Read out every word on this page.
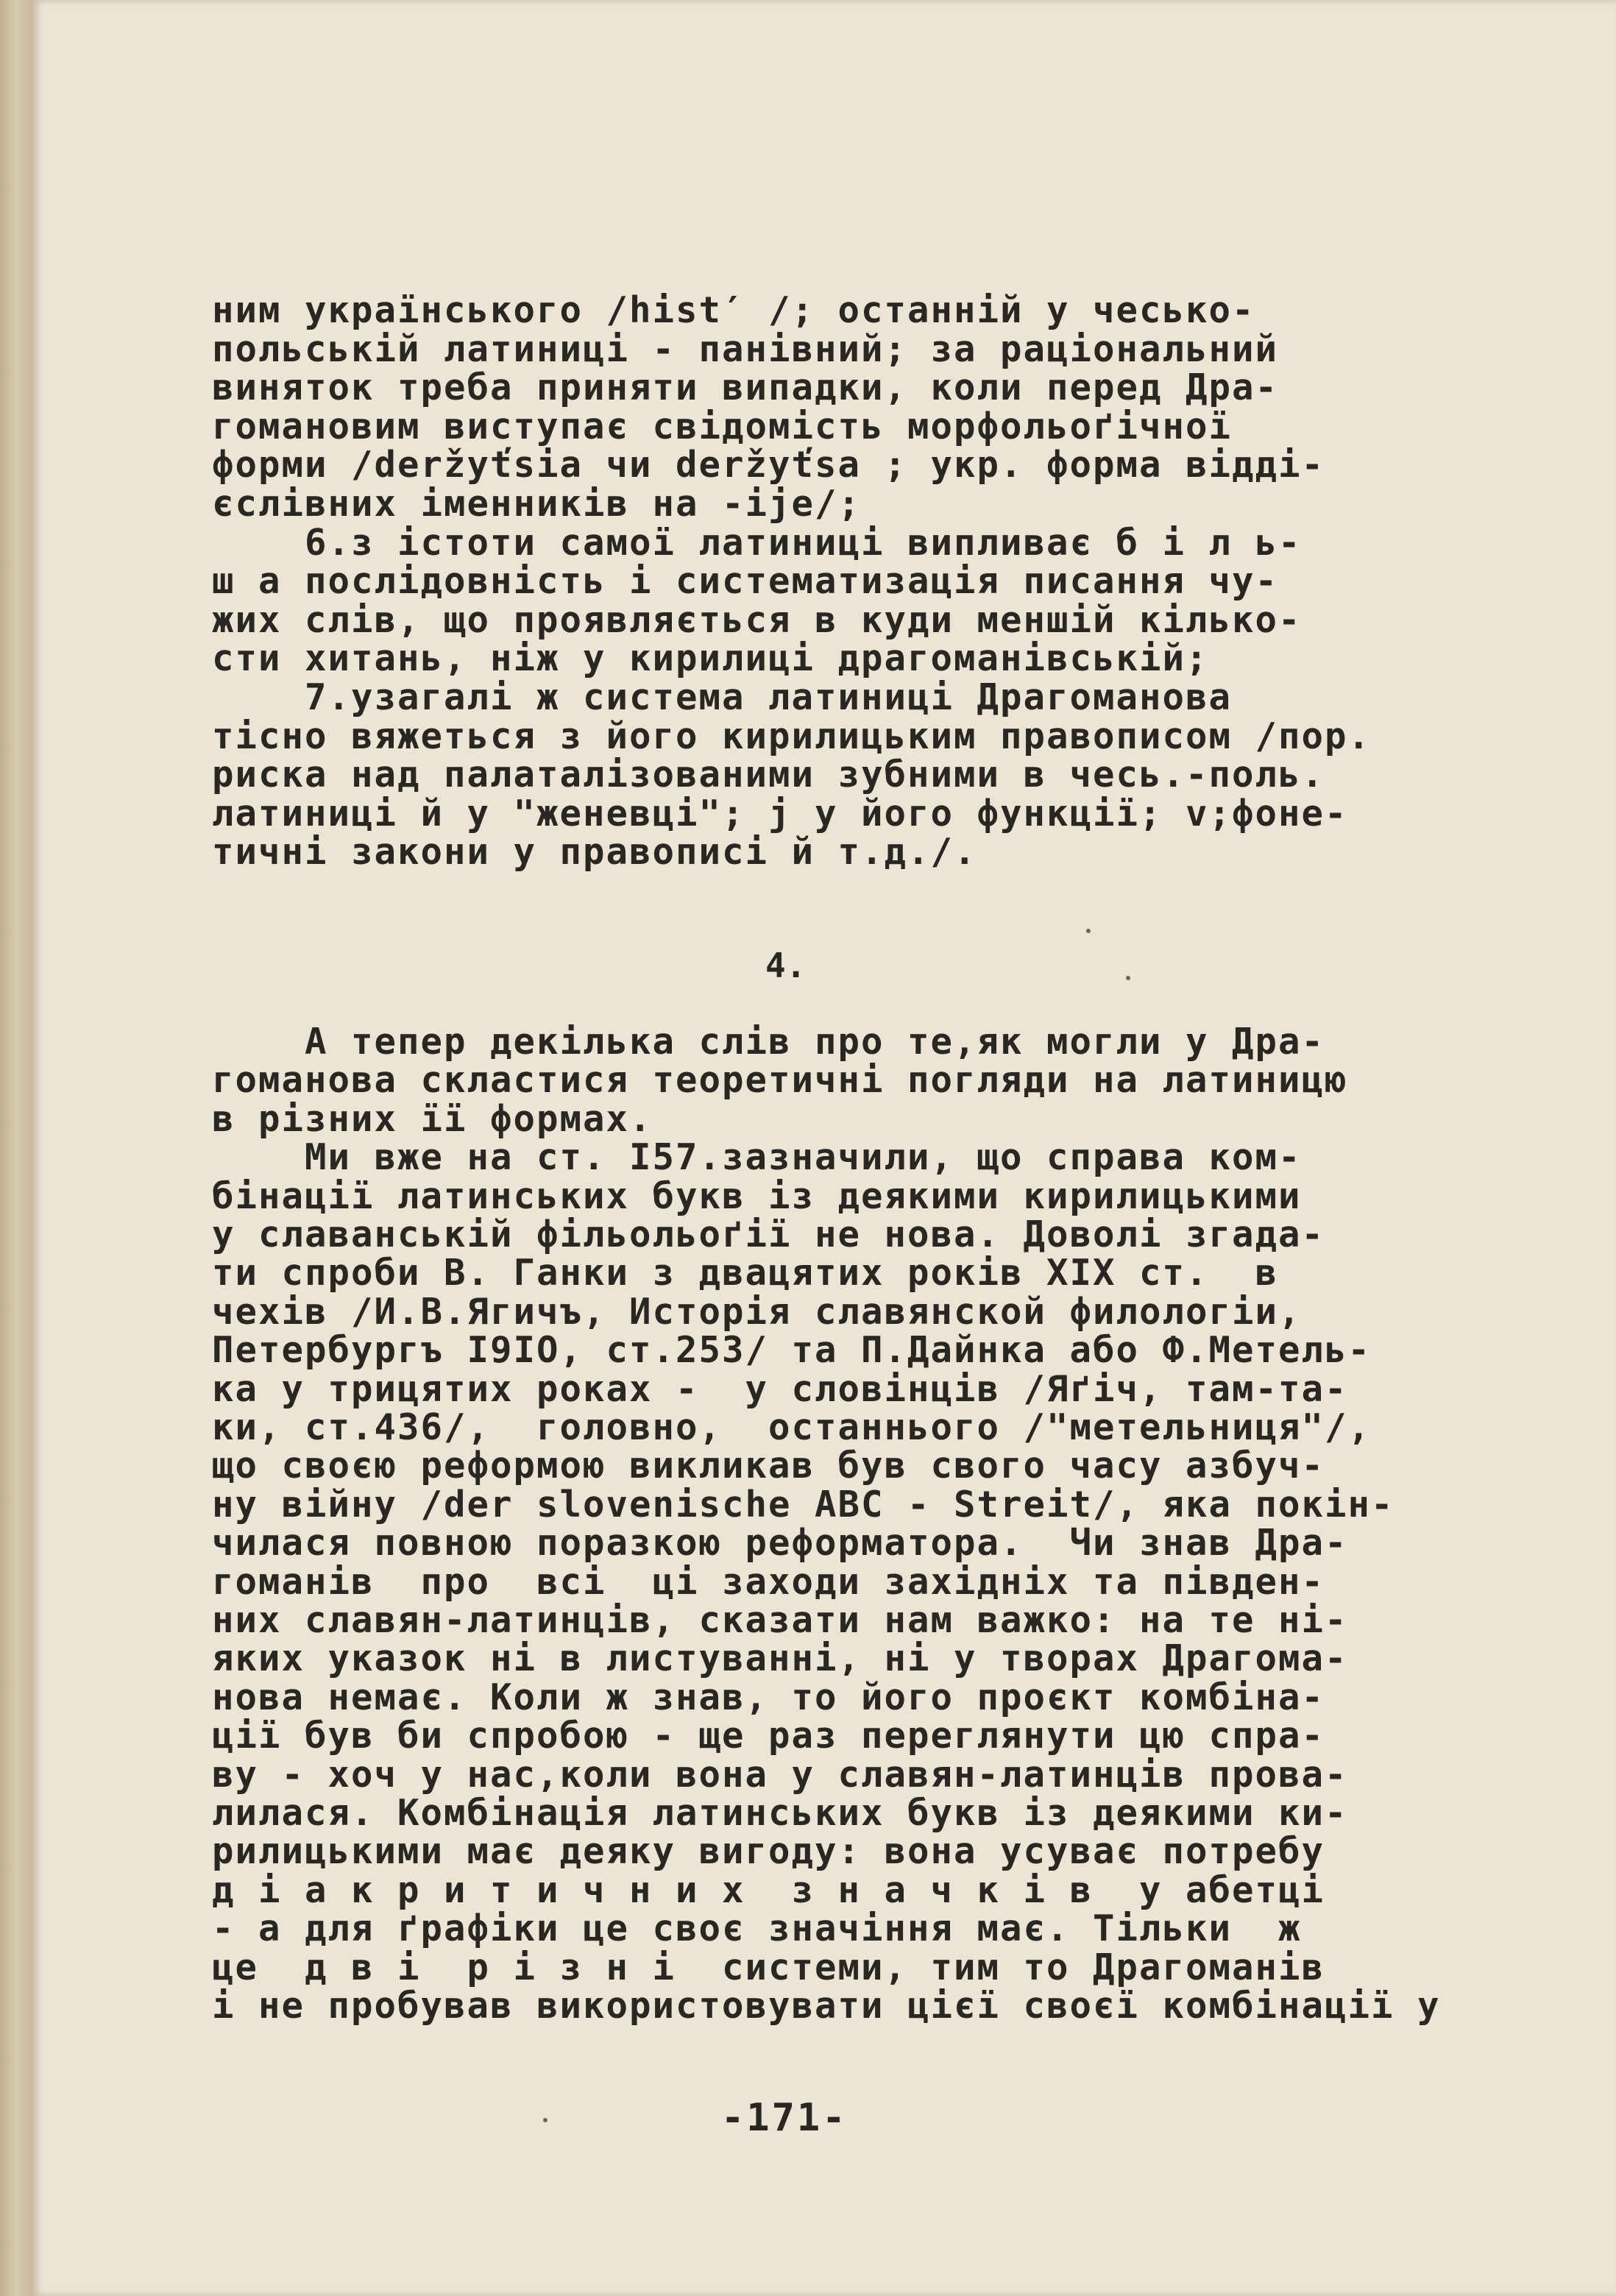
ним українського /hist′ /; останній у чесько-

польській латиниці - панівний; за раціональний

виняток треба приняти випадки, коли перед Дра-

гомановим виступає свідомість морфольоґічної

форми /deržyťsia чи deržyťsa ; укр. форма відді-

єслівних іменників на -ije/;

6.з істоти самої латиниці випливає б і л ь-

ш а послідовність і систематизація писання чу-

жих слів, що проявляється в куди меншій кілько-

сти хитань, ніж у кирилиці драгоманівській;

7.узагалі ж система латиниці Драгоманова

тісно вяжеться з його кирилицьким правописом /пор.

риска над палаталізованими зубними в чесь.-поль.

латиниці й у "женевці"; j у його функції; v;фоне-

тичні закони у правописі й т.д./.

4.

А тепер декілька слів про те,як могли у Дра-

гоманова скластися теоретичні погляди на латиницю

в різних її формах.

Ми вже на ст. I57.зазначили, що справа ком-

бінації латинських букв із деякими кирилицькими

у славанській фільольоґії не нова. Доволі згада-

ти спроби В. Ганки з двацятих років XIX ст.  в

чехів /И.В.Ягичъ, Исторія славянской филологіи,

Петербургъ I9IO, ст.253/ та П.Дайнка або Ф.Метель-

ка у трицятих роках -  у словінців /Яґіч, там-та-

ки, ст.436/,  головно,  останнього /"метельниця"/,

що своєю реформою викликав був свого часу азбуч-

ну війну /der slovenische ABC - Streit/, яка покін-

чилася повною поразкою реформатора.  Чи знав Дра-

гоманів  про  всі  ці заходи західніх та півден-

них славян-латинців, сказати нам важко: на те ні-

яких указок ні в листуванні, ні у творах Драгома-

нова немає. Коли ж знав, то його проєкт комбіна-

ції був би спробою - ще раз переглянути цю спра-

ву - хоч у нас,коли вона у славян-латинців прова-

лилася. Комбінація латинських букв із деякими ки-

рилицькими має деяку вигоду: вона усуває потребу

д і а к р и т и ч н и х  з н а ч к і в  у абетці

- а для ґрафіки це своє значіння має. Тільки  ж

це  д в і  р і з н і  системи, тим то Драгоманів

і не пробував використовувати цієї своєї комбінації у

-171-
